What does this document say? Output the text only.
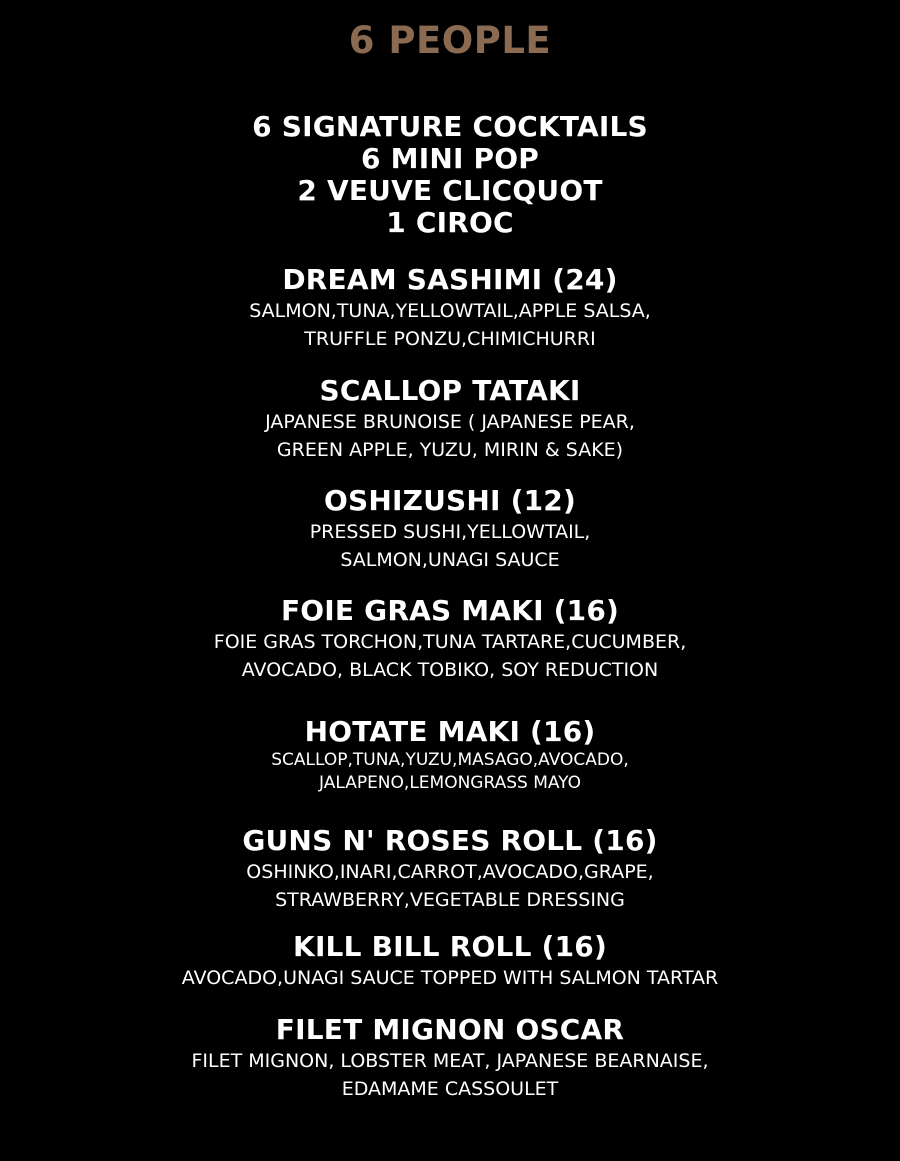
6 PEOPLE
6 SIGNATURE COCKTAILS
6 MINI POP
2 VEUVE CLICQUOT
1 CIROC
DREAM SASHIMI (24)
SALMON,TUNA,YELLOWTAIL,APPLE SALSA,
TRUFFLE PONZU,CHIMICHURRI
SCALLOP TATAKI
JAPANESE BRUNOISE ( JAPANESE PEAR,
GREEN APPLE, YUZU, MIRIN & SAKE)
OSHIZUSHI (12)
PRESSED SUSHI,YELLOWTAIL,
SALMON,UNAGI SAUCE
FOIE GRAS MAKI (16)
FOIE GRAS TORCHON,TUNA TARTARE,CUCUMBER,
AVOCADO, BLACK TOBIKO, SOY REDUCTION
HOTATE MAKI (16)
SCALLOP,TUNA,YUZU,MASAGO,AVOCADO,
JALAPENO,LEMONGRASS MAYO
GUNS N' ROSES ROLL (16)
OSHINKO,INARI,CARROT,AVOCADO,GRAPE,
STRAWBERRY,VEGETABLE DRESSING
KILL BILL ROLL (16)
AVOCADO,UNAGI SAUCE TOPPED WITH SALMON TARTAR
FILET MIGNON OSCAR
FILET MIGNON, LOBSTER MEAT, JAPANESE BEARNAISE,
EDAMAME CASSOULET
